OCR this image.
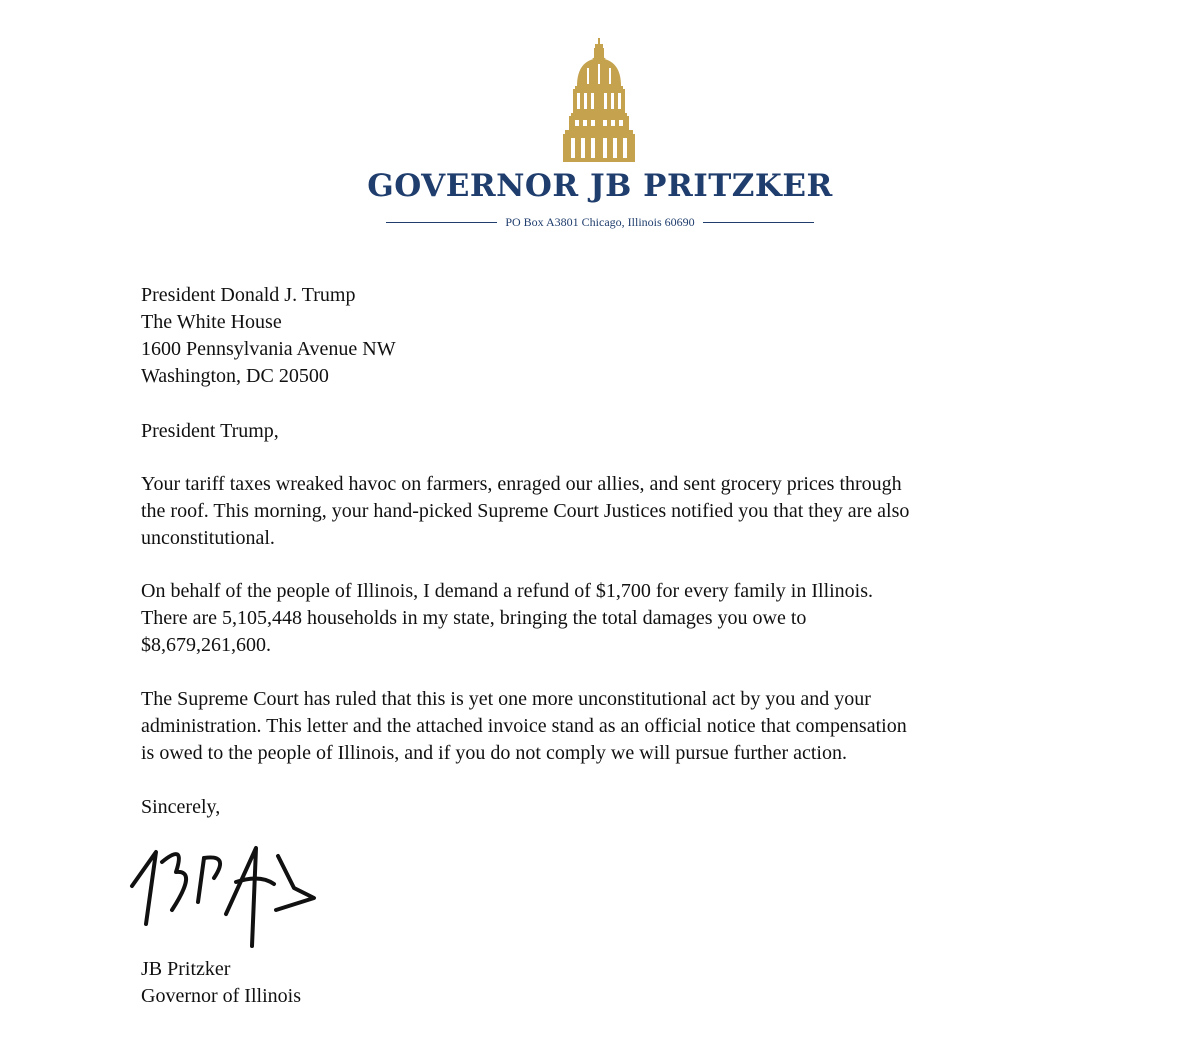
GOVERNOR JB PRITZKER
PO Box A3801 Chicago, Illinois 60690
President Donald J. Trump
The White House
1600 Pennsylvania Avenue NW
Washington, DC 20500
President Trump,
Your tariff taxes wreaked havoc on farmers, enraged our allies, and sent grocery prices through
the roof. This morning, your hand-picked Supreme Court Justices notified you that they are also
unconstitutional.
On behalf of the people of Illinois, I demand a refund of $1,700 for every family in Illinois.
There are 5,105,448 households in my state, bringing the total damages you owe to
$8,679,261,600.
The Supreme Court has ruled that this is yet one more unconstitutional act by you and your
administration. This letter and the attached invoice stand as an official notice that compensation
is owed to the people of Illinois, and if you do not comply we will pursue further action.
Sincerely,
JB Pritzker
Governor of Illinois
